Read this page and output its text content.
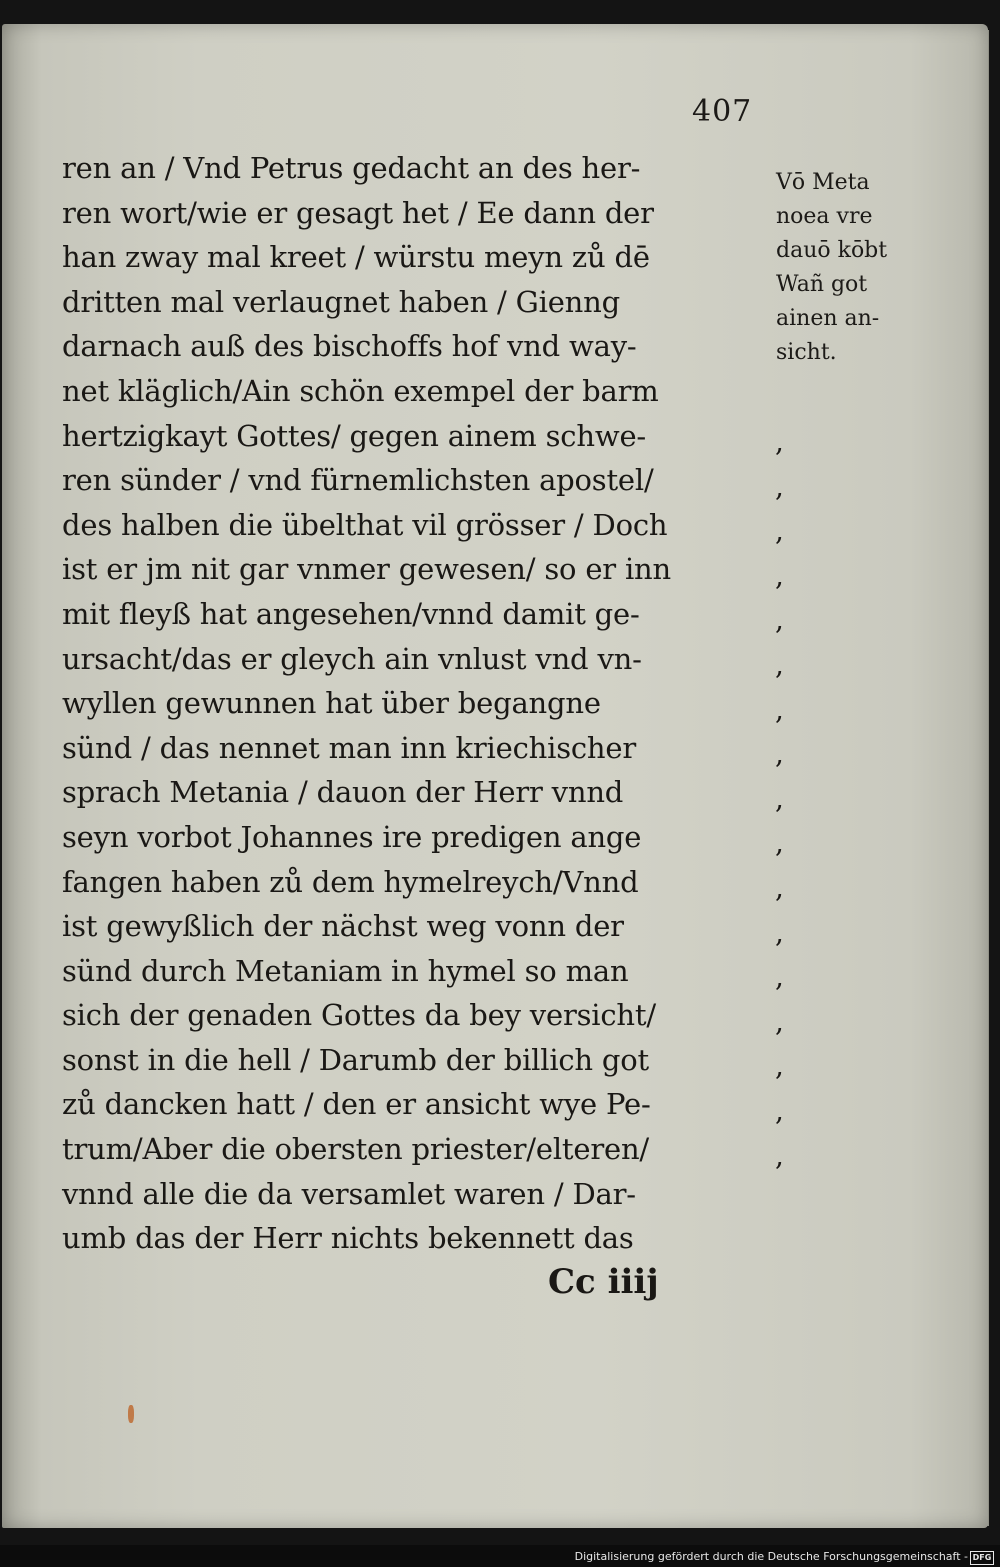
407
ren an / Vnd Petrus gedacht an des her-
ren wort/wie er gesagt het / Ee dann der
han zway mal kreet / würstu meyn zů dē
dritten mal verlaugnet haben / Gienng
darnach auß des bischoffs hof vnd way-
net kläglich/Ain schön exempel der barm
hertzigkayt Gottes/ gegen ainem schwe-
ren sünder / vnd fürnemlichsten apostel/
des halben die übelthat vil grösser / Doch
ist er jm nit gar vnmer gewesen/ so er inn
mit fleyß hat angesehen/vnnd damit ge-
ursacht/das er gleych ain vnlust vnd vn-
wyllen gewunnen hat über begangne
sünd / das nennet man inn kriechischer
sprach Metania / dauon der Herr vnnd
seyn vorbot Johannes ire predigen ange
fangen haben zů dem hymelreych/Vnnd
ist gewyßlich der nächst weg vonn der
sünd durch Metaniam in hymel so man
sich der genaden Gottes da bey versicht/
sonst in die hell / Darumb der billich got
zů dancken hatt / den er ansicht wye Pe-
trum/Aber die obersten priester/elteren/
vnnd alle die da versamlet waren / Dar-
umb das der Herr nichts bekennett das
Vō Meta
noea vre
dauō kōbt
Wañ got
ainen an-
sicht.
,
,
,
,
,
,
,
,
,
,
,
,
,
,
,
,
,
Cc iiij
Digitalisierung gefördert durch die Deutsche Forschungsgemeinschaft - DFG
